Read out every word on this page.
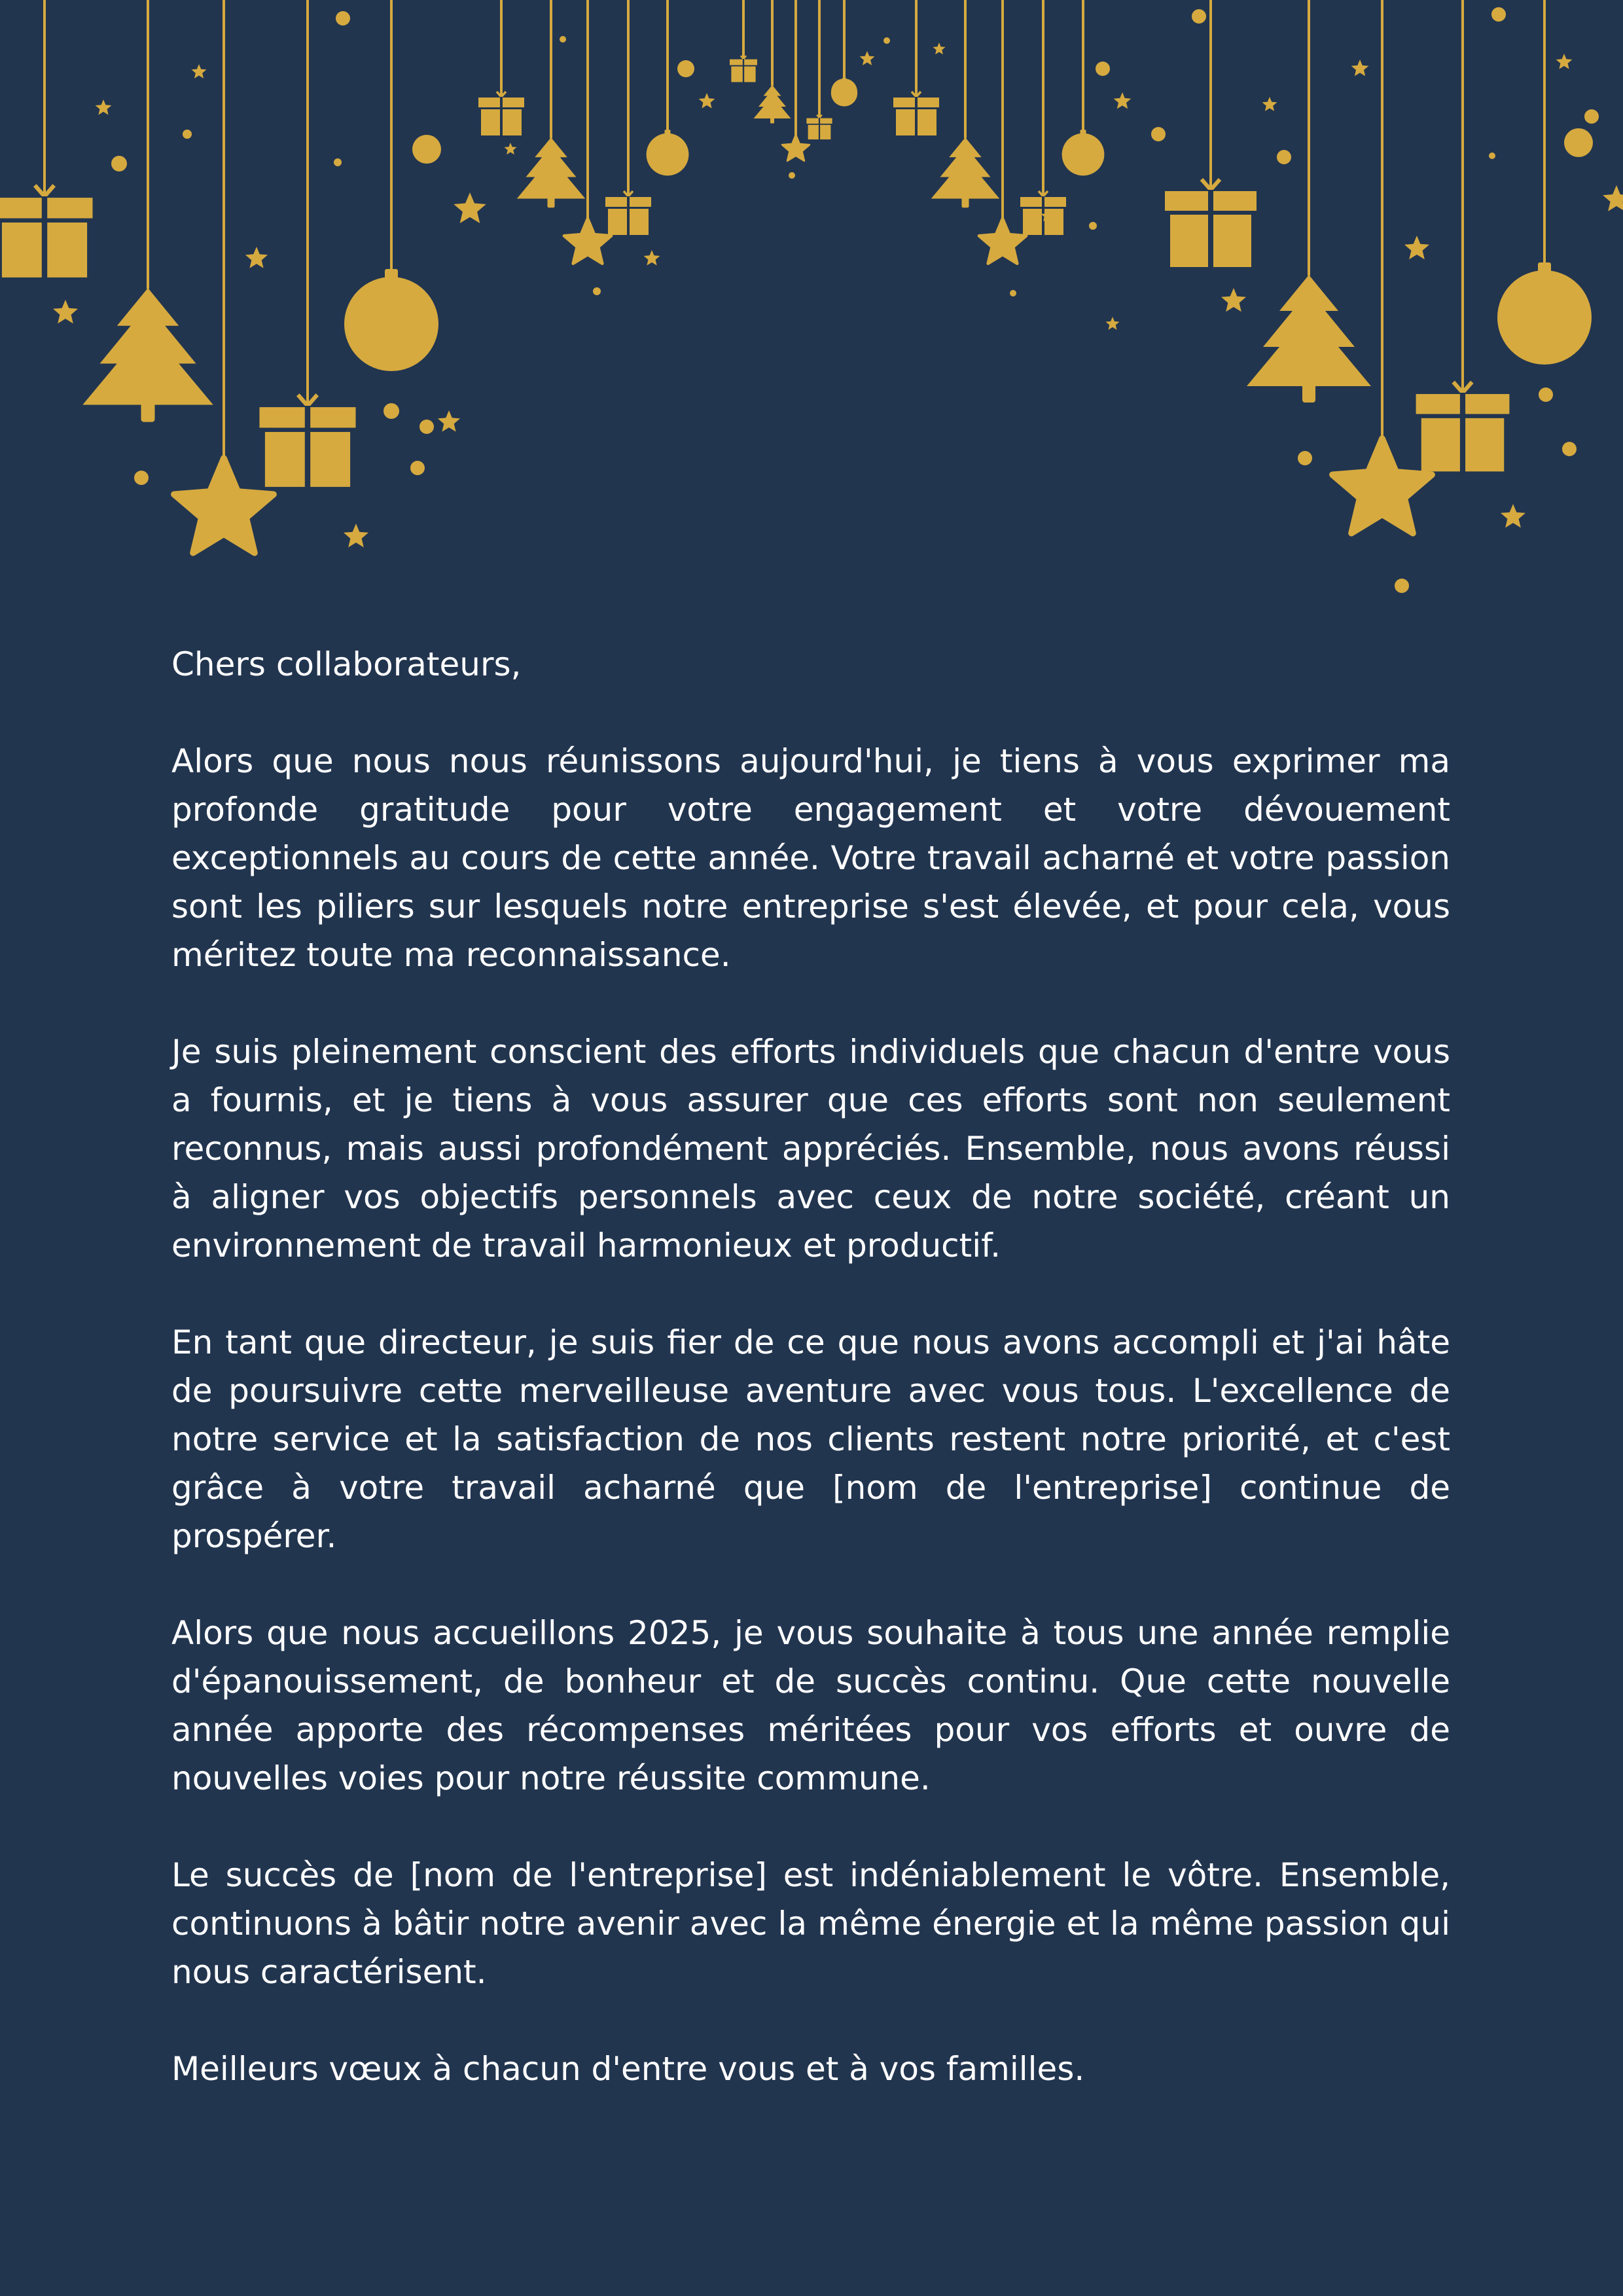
Chers collaborateurs,

Alors que nous nous réunissons aujourd'hui, je tiens à vous exprimer ma profonde gratitude pour votre engagement et votre dévouement exceptionnels au cours de cette année. Votre travail acharné et votre passion sont les piliers sur lesquels notre entreprise s'est élevée, et pour cela, vous méritez toute ma reconnaissance.

Je suis pleinement conscient des efforts individuels que chacun d'entre vous a fournis, et je tiens à vous assurer que ces efforts sont non seulement reconnus, mais aussi profondément appréciés. Ensemble, nous avons réussi à aligner vos objectifs personnels avec ceux de notre société, créant un environnement de travail harmonieux et productif.

En tant que directeur, je suis fier de ce que nous avons accompli et j'ai hâte de poursuivre cette merveilleuse aventure avec vous tous. L'excellence de notre service et la satisfaction de nos clients restent notre priorité, et c'est grâce à votre travail acharné que [nom de l'entreprise] continue de prospérer.

Alors que nous accueillons 2025, je vous souhaite à tous une année remplie d'épanouissement, de bonheur et de succès continu. Que cette nouvelle année apporte des récompenses méritées pour vos efforts et ouvre de nouvelles voies pour notre réussite commune.

Le succès de [nom de l'entreprise] est indéniablement le vôtre. Ensemble, continuons à bâtir notre avenir avec la même énergie et la même passion qui nous caractérisent.

Meilleurs vœux à chacun d'entre vous et à vos familles.
